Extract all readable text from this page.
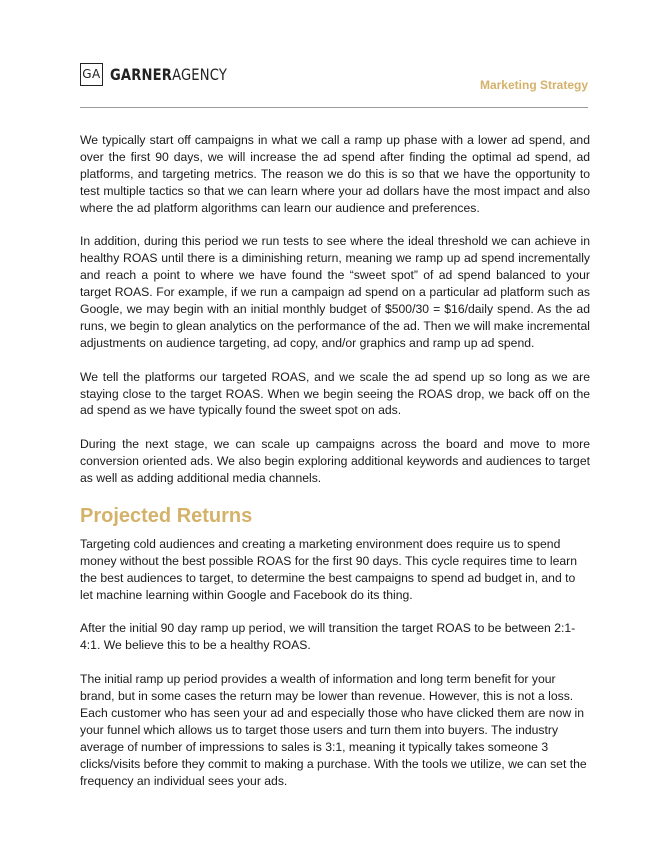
GA GARNERAGENCY
Marketing Strategy

We typically start off campaigns in what we call a ramp up phase with a lower ad spend, and over the first 90 days, we will increase the ad spend after finding the optimal ad spend, ad platforms, and targeting metrics. The reason we do this is so that we have the opportunity to test multiple tactics so that we can learn where your ad dollars have the most impact and also where the ad platform algorithms can learn our audience and preferences.

In addition, during this period we run tests to see where the ideal threshold we can achieve in healthy ROAS until there is a diminishing return, meaning we ramp up ad spend incrementally and reach a point to where we have found the “sweet spot” of ad spend balanced to your target ROAS. For example, if we run a campaign ad spend on a particular ad platform such as Google, we may begin with an initial monthly budget of $500/30 = $16/daily spend. As the ad runs, we begin to glean analytics on the performance of the ad. Then we will make incremental adjustments on audience targeting, ad copy, and/or graphics and ramp up ad spend.

We tell the platforms our targeted ROAS, and we scale the ad spend up so long as we are staying close to the target ROAS. When we begin seeing the ROAS drop, we back off on the ad spend as we have typically found the sweet spot on ads.

During the next stage, we can scale up campaigns across the board and move to more conversion oriented ads. We also begin exploring additional keywords and audiences to target as well as adding additional media channels.

Projected Returns

Targeting cold audiences and creating a marketing environment does require us to spend money without the best possible ROAS for the first 90 days. This cycle requires time to learn the best audiences to target, to determine the best campaigns to spend ad budget in, and to let machine learning within Google and Facebook do its thing.

After the initial 90 day ramp up period, we will transition the target ROAS to be between 2:1-4:1. We believe this to be a healthy ROAS.

The initial ramp up period provides a wealth of information and long term benefit for your brand, but in some cases the return may be lower than revenue. However, this is not a loss. Each customer who has seen your ad and especially those who have clicked them are now in your funnel which allows us to target those users and turn them into buyers. The industry average of number of impressions to sales is 3:1, meaning it typically takes someone 3 clicks/visits before they commit to making a purchase. With the tools we utilize, we can set the frequency an individual sees your ads.
